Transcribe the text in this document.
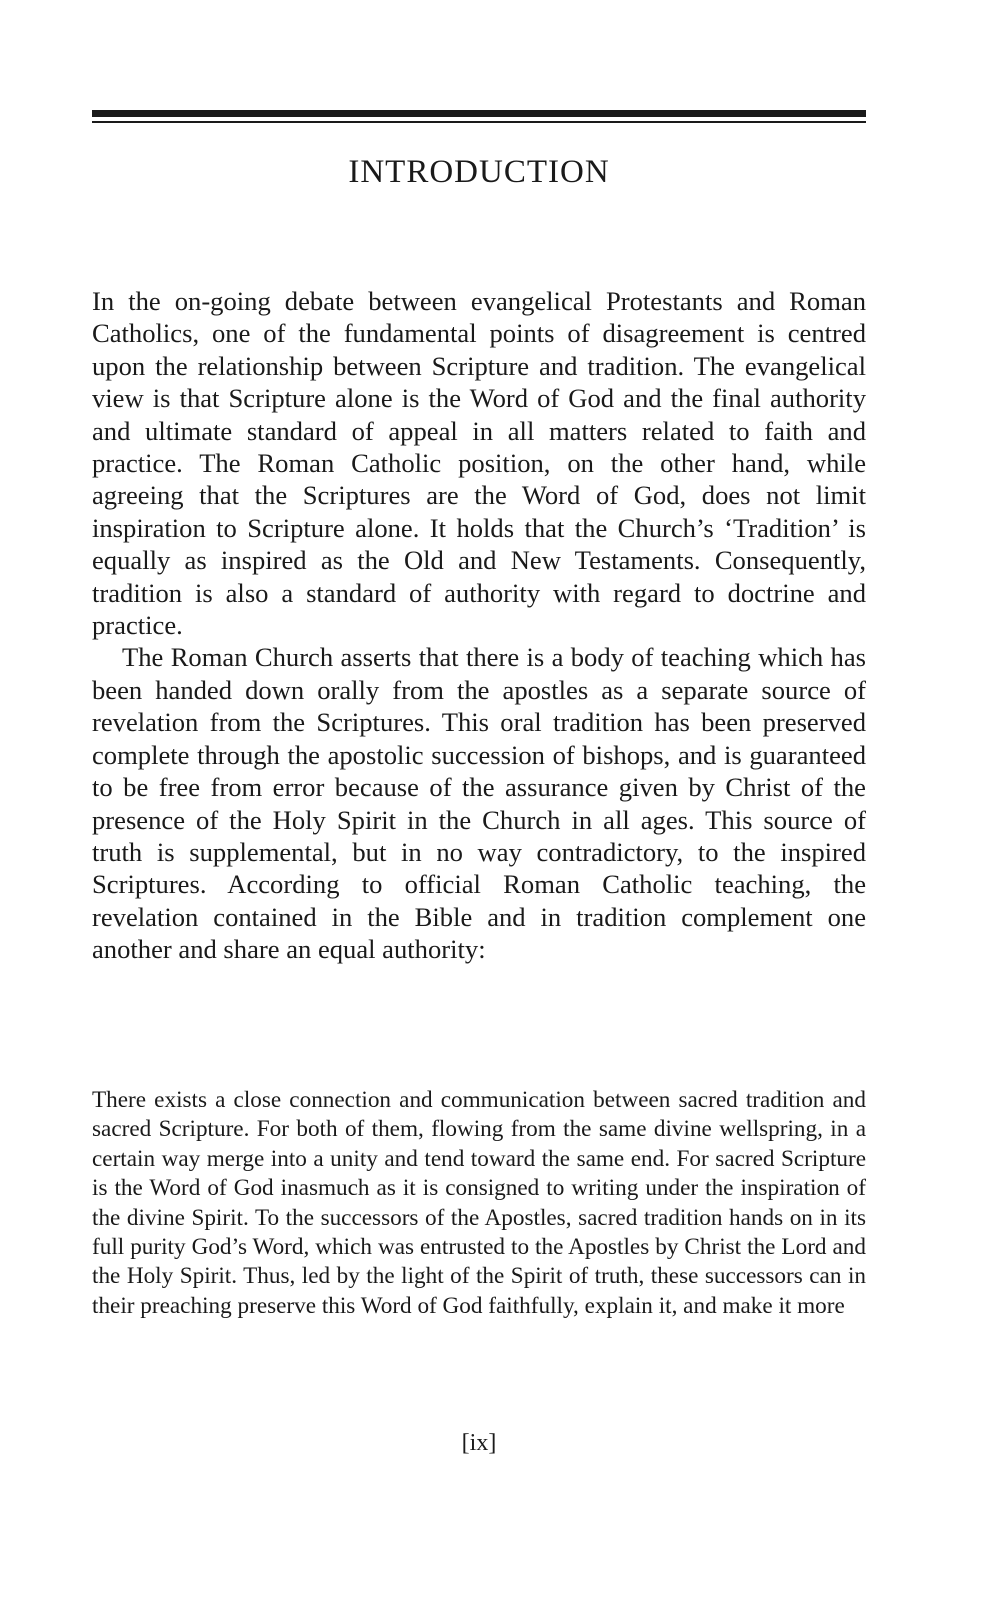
INTRODUCTION

In the on-going debate between evangelical Protestants and Roman Catholics, one of the fundamental points of disagreement is centred upon the relationship between Scripture and tradition. The evangelical view is that Scripture alone is the Word of God and the final authority and ultimate standard of appeal in all matters related to faith and practice. The Roman Catholic position, on the other hand, while agreeing that the Scriptures are the Word of God, does not limit inspiration to Scripture alone. It holds that the Church’s ‘Tradition’ is equally as inspired as the Old and New Testaments. Consequently, tradition is also a standard of authority with regard to doctrine and practice.

The Roman Church asserts that there is a body of teaching which has been handed down orally from the apostles as a separate source of revelation from the Scriptures. This oral tradition has been preserved complete through the apostolic succession of bishops, and is guaranteed to be free from error because of the assurance given by Christ of the presence of the Holy Spirit in the Church in all ages. This source of truth is supplemental, but in no way contradictory, to the inspired Scriptures. According to official Roman Catholic teaching, the revelation contained in the Bible and in tradition complement one another and share an equal authority:

There exists a close connection and communication between sacred tradition and sacred Scripture. For both of them, flowing from the same divine wellspring, in a certain way merge into a unity and tend toward the same end. For sacred Scripture is the Word of God inasmuch as it is consigned to writing under the inspiration of the divine Spirit. To the successors of the Apostles, sacred tradition hands on in its full purity God’s Word, which was entrusted to the Apostles by Christ the Lord and the Holy Spirit. Thus, led by the light of the Spirit of truth, these successors can in their preaching preserve this Word of God faithfully, explain it, and make it more

[ix]
